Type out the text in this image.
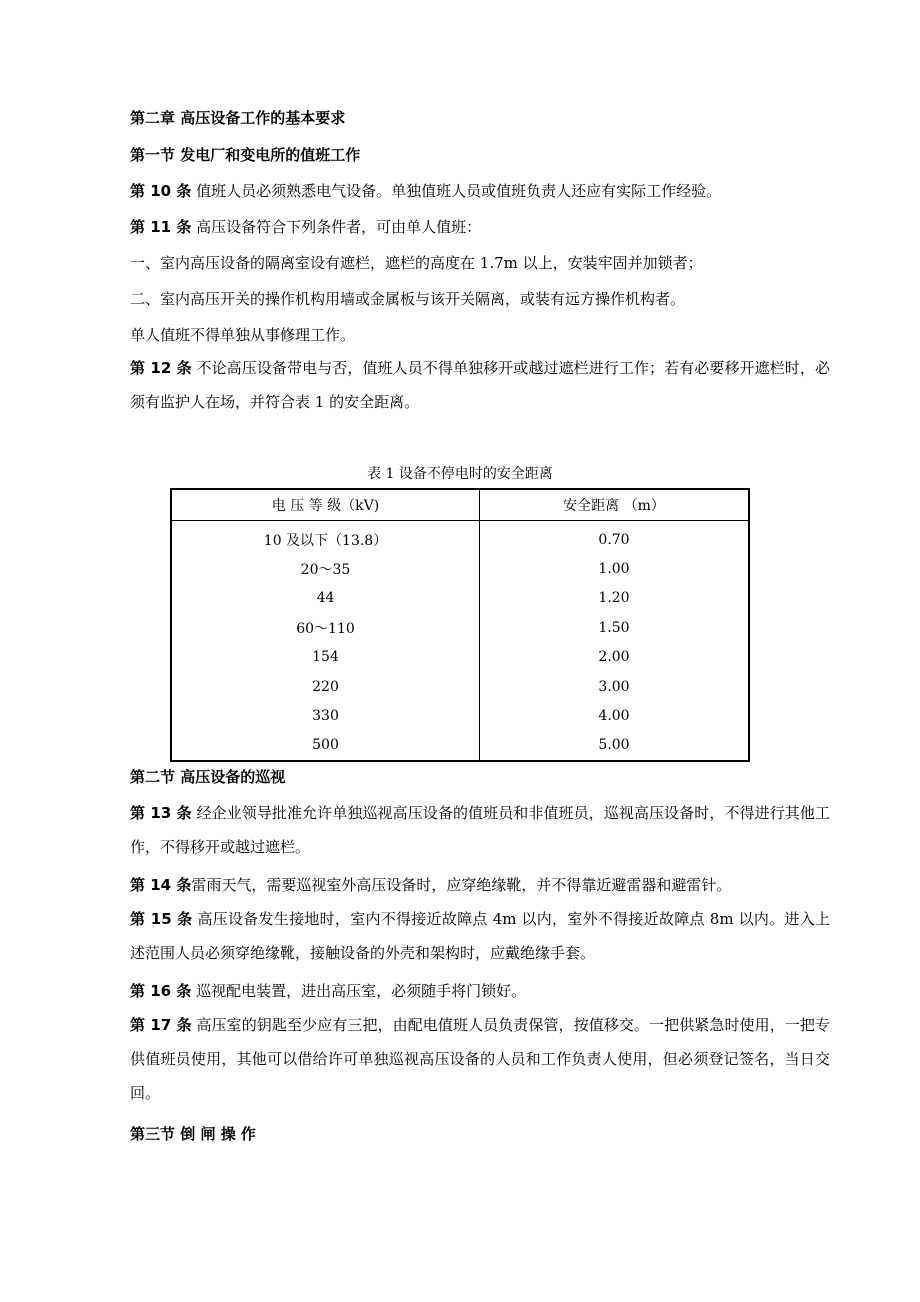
第二章 高压设备工作的基本要求
第一节 发电厂和变电所的值班工作
第 10 条 值班人员必须熟悉电气设备。单独值班人员或值班负责人还应有实际工作经验。
第 11 条 高压设备符合下列条件者，可由单人值班：
一、室内高压设备的隔离室设有遮栏，遮栏的高度在 1.7m 以上，安装牢固并加锁者；
二、室内高压开关的操作机构用墙或金属板与该开关隔离，或装有远方操作机构者。
单人值班不得单独从事修理工作。
第 12 条 不论高压设备带电与否，值班人员不得单独移开或越过遮栏进行工作；若有必要移开遮栏时，必须有监护人在场，并符合表 1 的安全距离。
表 1 设备不停电时的安全距离
电 压 等 级（kV)	安全距离 （m）
10 及以下（13.8）	0.70
20～35	1.00
44	1.20
60～110	1.50
154	2.00
220	3.00
330	4.00
500	5.00
第二节 高压设备的巡视
第 13 条 经企业领导批准允许单独巡视高压设备的值班员和非值班员，巡视高压设备时，不得进行其他工作，不得移开或越过遮栏。
第 14 条雷雨天气，需要巡视室外高压设备时，应穿绝缘靴，并不得靠近避雷器和避雷针。
第 15 条 高压设备发生接地时，室内不得接近故障点 4m 以内，室外不得接近故障点 8m 以内。进入上述范围人员必须穿绝缘靴，接触设备的外壳和架构时，应戴绝缘手套。
第 16 条 巡视配电装置，进出高压室，必须随手将门锁好。
第 17 条 高压室的钥匙至少应有三把，由配电值班人员负责保管，按值移交。一把供紧急时使用，一把专供值班员使用，其他可以借给许可单独巡视高压设备的人员和工作负责人使用，但必须登记签名，当日交回。
第三节 倒 闸 操 作
